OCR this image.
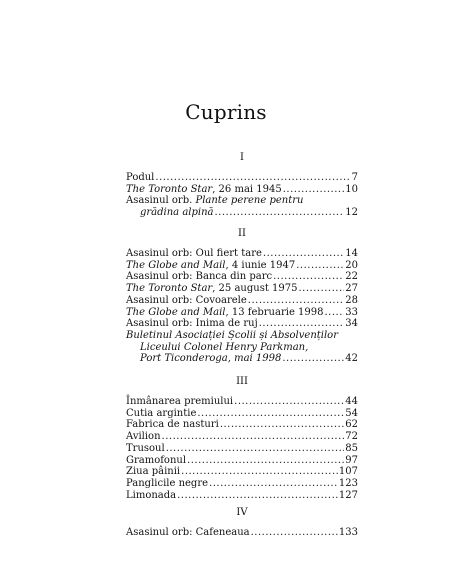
Cuprins
I
Podul .....	7
The Toronto Star, 26 mai 1945 .....	10
Asasinul orb. Plante perene pentru
grădina alpină .....	12
II
Asasinul orb: Oul fiert tare .....	14
The Globe and Mail, 4 iunie 1947 .....	20
Asasinul orb: Banca din parc .....	22
The Toronto Star, 25 august 1975 .....	27
Asasinul orb: Covoarele .....	28
The Globe and Mail, 13 februarie 1998 ..... 33
Asasinul orb: Inima de ruj .....	34
Buletinul Asociației Școlii și Absolvenților
Liceului Colonel Henry Parkman,
Port Ticonderoga, mai 1998 .....	42
III
Înmânarea premiului .....	44
Cutia argintie .....	54
Fabrica de nasturi .....	62
Avilion .....	72
Trusoul .....	85
Gramofonul .....	97
Ziua pâinii .....	107
Panglicile negre .....	123
Limonada .....	127
IV
Asasinul orb: Cafeneaua .....	133
